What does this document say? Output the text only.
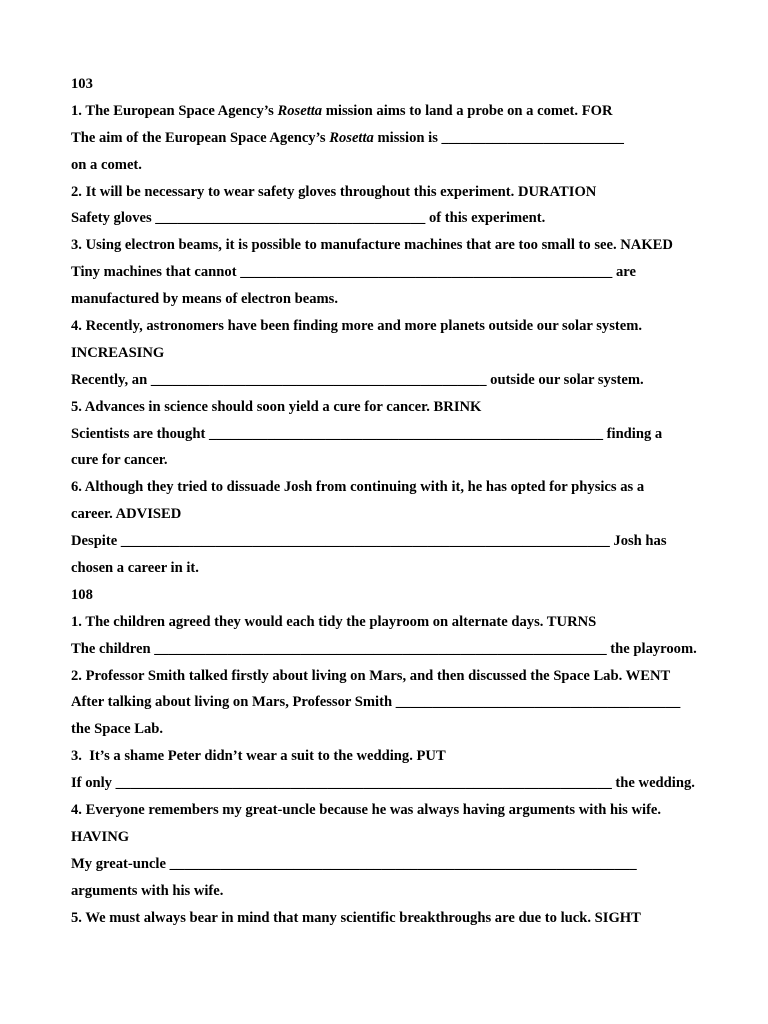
103
1. The European Space Agency’s Rosetta mission aims to land a probe on a comet. FOR
The aim of the European Space Agency’s Rosetta mission is _________________________
on a comet.
2. It will be necessary to wear safety gloves throughout this experiment. DURATION
Safety gloves _____________________________________ of this experiment.
3. Using electron beams, it is possible to manufacture machines that are too small to see. NAKED
Tiny machines that cannot ___________________________________________________ are
manufactured by means of electron beams.
4. Recently, astronomers have been finding more and more planets outside our solar system.
INCREASING
Recently, an ______________________________________________ outside our solar system.
5. Advances in science should soon yield a cure for cancer. BRINK
Scientists are thought ______________________________________________________ finding a
cure for cancer.
6. Although they tried to dissuade Josh from continuing with it, he has opted for physics as a
career. ADVISED
Despite ___________________________________________________________________ Josh has
chosen a career in it.
108
1. The children agreed they would each tidy the playroom on alternate days. TURNS
The children ______________________________________________________________ the playroom.
2. Professor Smith talked firstly about living on Mars, and then discussed the Space Lab. WENT
After talking about living on Mars, Professor Smith _______________________________________
the Space Lab.
3.  It’s a shame Peter didn’t wear a suit to the wedding. PUT
If only ____________________________________________________________________ the wedding.
4. Everyone remembers my great-uncle because he was always having arguments with his wife.
HAVING
My great-uncle ________________________________________________________________
arguments with his wife.
5. We must always bear in mind that many scientific breakthroughs are due to luck. SIGHT
